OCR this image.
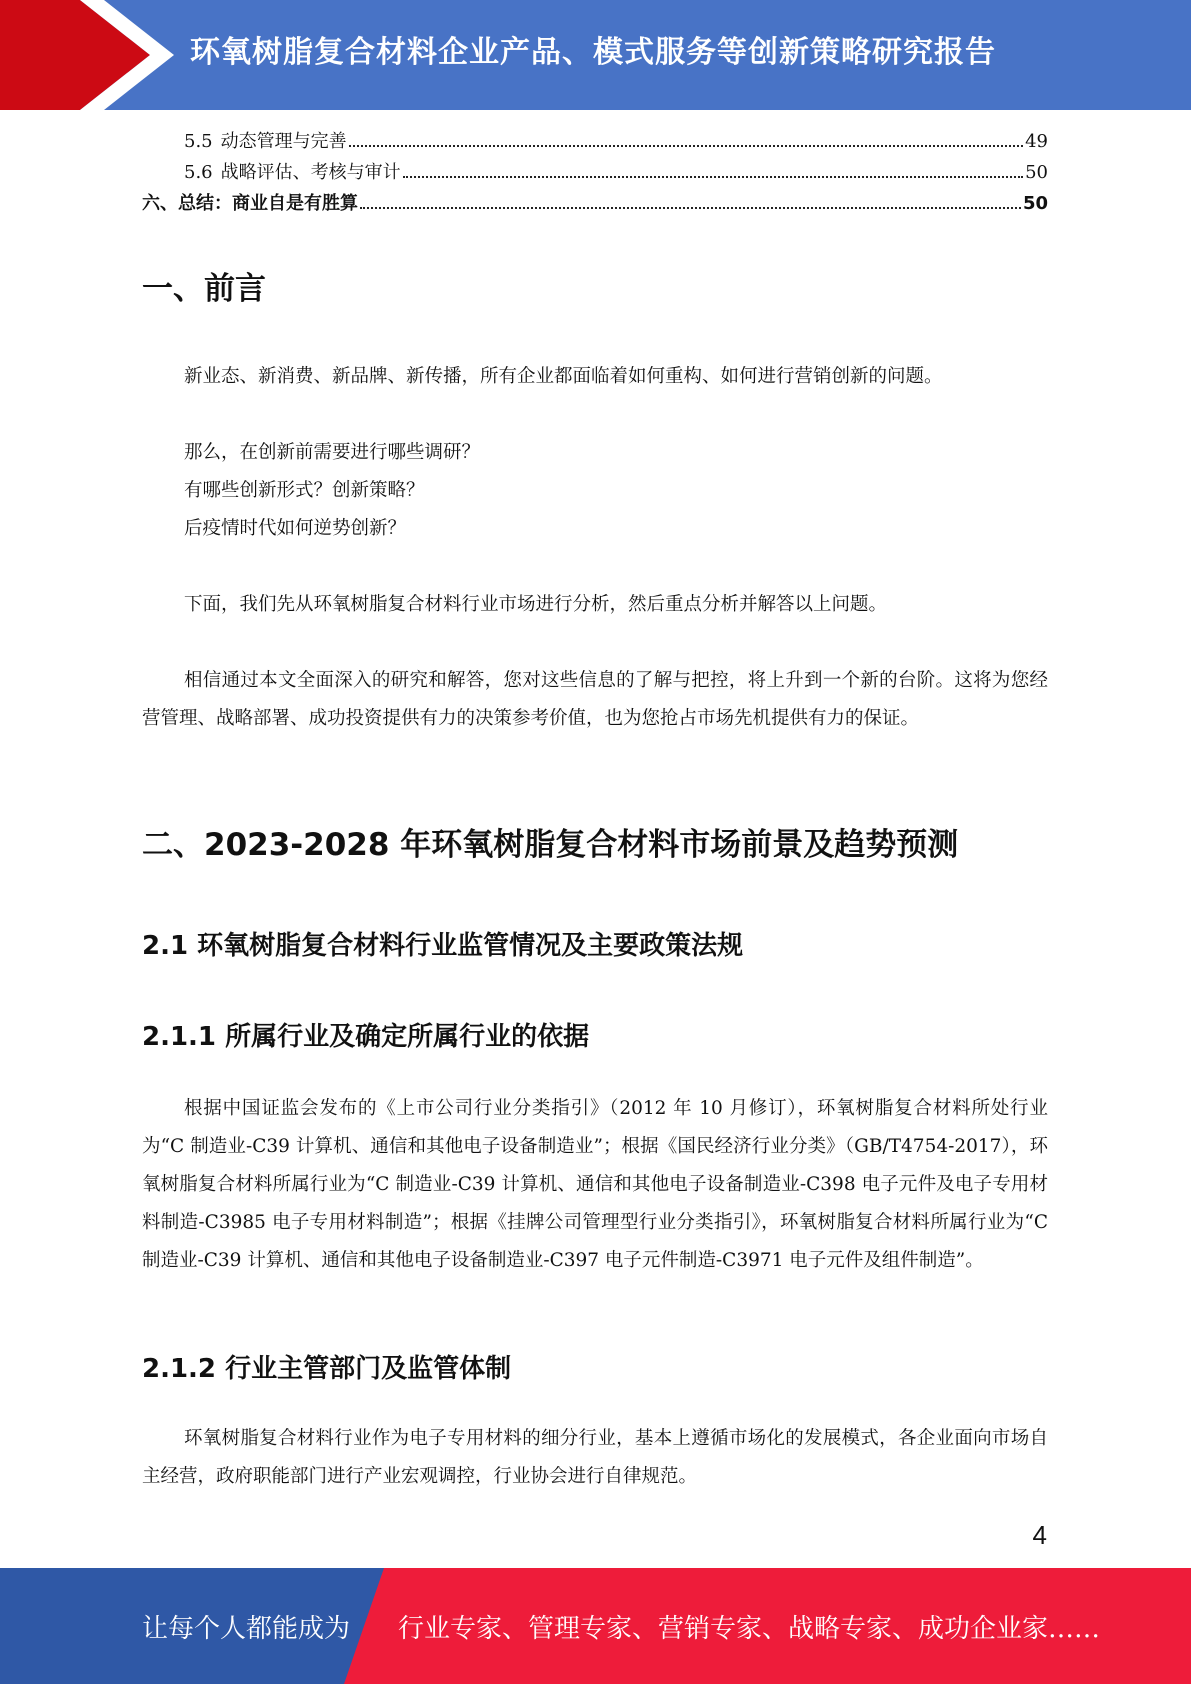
环氧树脂复合材料企业产品、模式服务等创新策略研究报告
5.5 动态管理与完善	49
5.6 战略评估、考核与审计	50
六、总结：商业自是有胜算	50
一、前言
新业态、新消费、新品牌、新传播，所有企业都面临着如何重构、如何进行营销创新的问题。
那么，在创新前需要进行哪些调研？
有哪些创新形式？创新策略？
后疫情时代如何逆势创新？
下面，我们先从环氧树脂复合材料行业市场进行分析，然后重点分析并解答以上问题。
相信通过本文全面深入的研究和解答，您对这些信息的了解与把控，将上升到一个新的台阶。这将为您经营管理、战略部署、成功投资提供有力的决策参考价值，也为您抢占市场先机提供有力的保证。
二、2023-2028 年环氧树脂复合材料市场前景及趋势预测
2.1 环氧树脂复合材料行业监管情况及主要政策法规
2.1.1 所属行业及确定所属行业的依据
根据中国证监会发布的《上市公司行业分类指引》（2012 年 10 月修订），环氧树脂复合材料所处行业为“C 制造业-C39 计算机、通信和其他电子设备制造业”；根据《国民经济行业分类》（GB/T4754-2017），环氧树脂复合材料所属行业为“C 制造业-C39 计算机、通信和其他电子设备制造业-C398 电子元件及电子专用材料制造-C3985 电子专用材料制造”；根据《挂牌公司管理型行业分类指引》，环氧树脂复合材料所属行业为“C 制造业-C39 计算机、通信和其他电子设备制造业-C397 电子元件制造-C3971 电子元件及组件制造”。
2.1.2 行业主管部门及监管体制
环氧树脂复合材料行业作为电子专用材料的细分行业，基本上遵循市场化的发展模式，各企业面向市场自主经营，政府职能部门进行产业宏观调控，行业协会进行自律规范。
4
让每个人都能成为 行业专家、管理专家、营销专家、战略专家、成功企业家……
